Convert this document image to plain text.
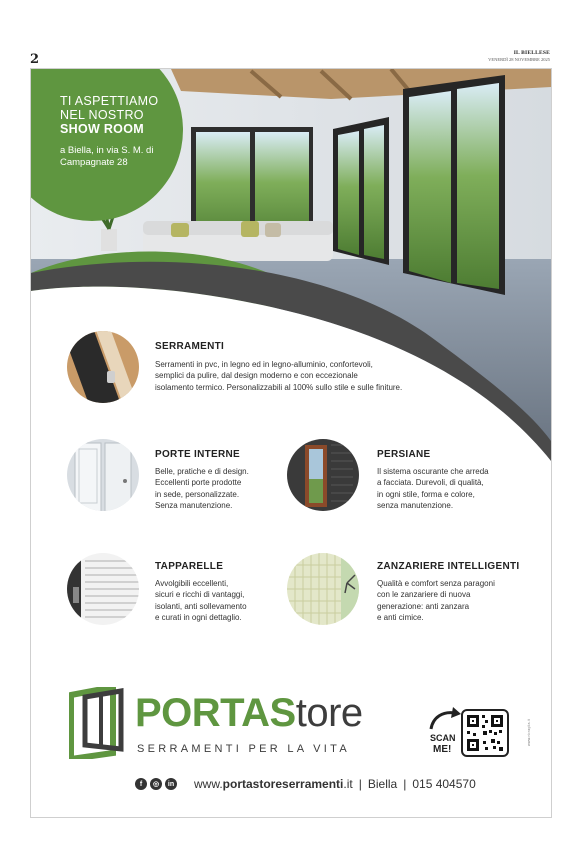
2	IL BIELLESE
VENERDÌ 28 NOVEMBRE 2025
TI ASPETTIAMO
NEL NOSTRO
SHOW ROOM
a Biella, in via S. M. di Campagnate 28
SERRAMENTI
Serramenti in pvc, in legno ed in legno-alluminio, confortevoli,
semplici da pulire, dal design moderno e con eccezionale
isolamento termico. Personalizzabili al 100% sullo stile e sulle finiture.
PORTE INTERNE
Belle, pratiche e di design.
Eccellenti porte prodotte
in sede, personalizzate.
Senza manutenzione.
PERSIANE
Il sistema oscurante che arreda
a facciata. Durevoli, di qualità,
in ogni stile, forma e colore,
senza manutenzione.
TAPPARELLE
Avvolgibili eccellenti,
sicuri e ricchi di vantaggi,
isolanti, anti sollevamento
e curati in ogni dettaglio.
ZANZARIERE INTELLIGENTI
Qualità e comfort senza paragoni
con le zanzariere di nuova
generazione: anti zanzara
e anti cimice.
PORTAStore
SERRAMENTI PER LA VITA
SCAN
ME!
www.nbraglia.it
f	◎	in www.portastoreserramenti.it | Biella | 015 404570
